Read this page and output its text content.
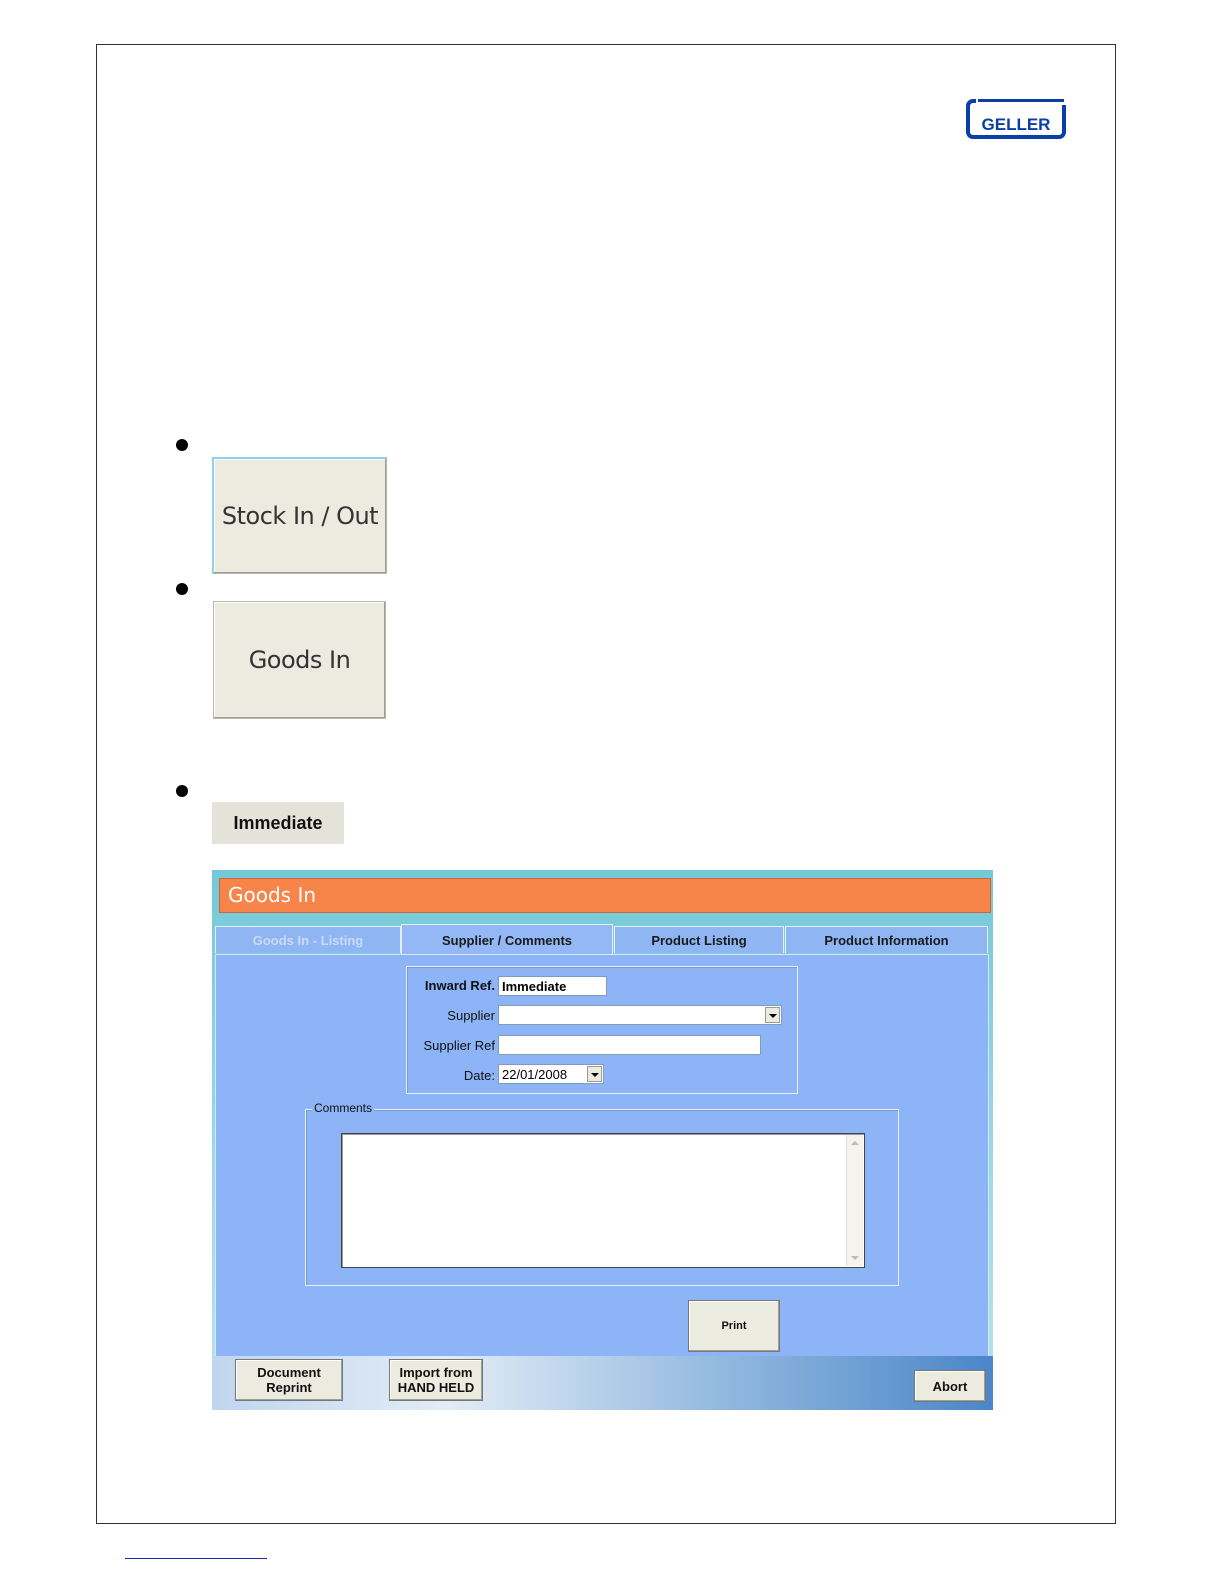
GELLER
Stock In / Out
Goods In
Immediate
Goods In
Goods In - Listing	Supplier / Comments	Product Listing	Product Information
Inward Ref. Immediate
Supplier
Supplier Ref
Date: 22/01/2008
Comments
Print
Document
Reprint
Import from
HAND HELD	Abort
